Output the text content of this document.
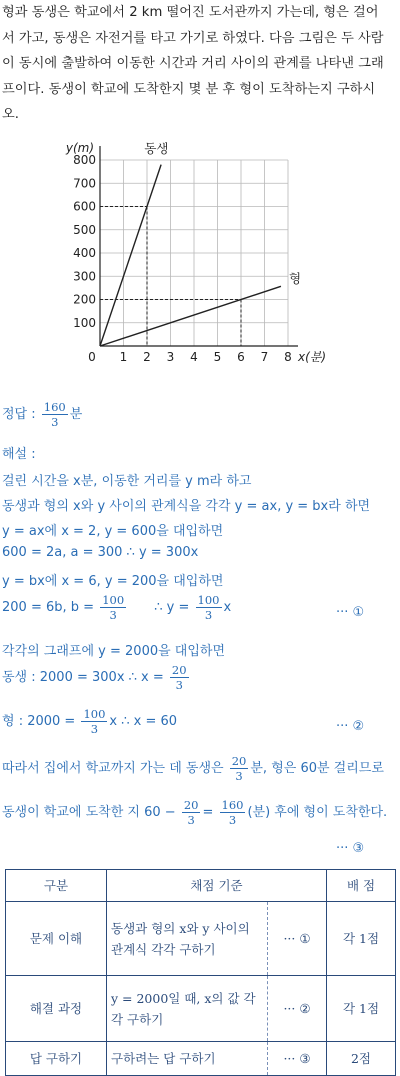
형과 동생은 학교에서 2 km 떨어진 도서관까지 가는데, 형은 걸어
서 가고, 동생은 자전거를 타고 가기로 하였다. 다음 그림은 두 사람
이 동시에 출발하여 이동한 시간과 거리 사이의 관계를 나타낸 그래
프이다. 동생이 학교에 도착한지 몇 분 후 형이 도착하는지 구하시
오.
1 2 3 4 5 6 7 8
100
200
300
400
500
600
700
800
0
y(m)
x(분)
동생
형
정답 : $\frac{160}{3}$ 분
해설 :
걸린 시간을 x분, 이동한 거리를 y m라 하고
동생과 형의 x와 y 사이의 관계식을 각각 y = ax, y = bx라 하면
y = ax에 x = 2, y = 600을 대입하면
600 = 2a, a = 300 ∴ y = 300x
y = bx에 x = 6, y = 200을 대입하면
200 = 6b, $b = \frac{100}{3}$ ∴ $y = \frac{100}{3}$ x	··· ①
각각의 그래프에 y = 2000을 대입하면
동생 : 2000 = 300x ∴ $x = \frac{20}{3}$
형 : $2000 = \frac{100}{3}$ x ∴ x = 60	··· ②
따라서 집에서 학교까지 가는 데 동생은 $\frac{20}{3}$ 분, 형은 60분 걸리므로
동생이 학교에 도착한 지 $60 - \frac{20}{3} = \frac{160}{3}$ (분) 후에 형이 도착한다.
··· ③
구분	채점 기준		배 점
문제 이해	동생과 형의 x와 y 사이의 관계식 각각 구하기	··· ①	각 1점
해결 과정	y = 2000일 때, x의 값 각각 구하기	··· ②	각 1점
답 구하기	구하려는 답 구하기	··· ③	2점
